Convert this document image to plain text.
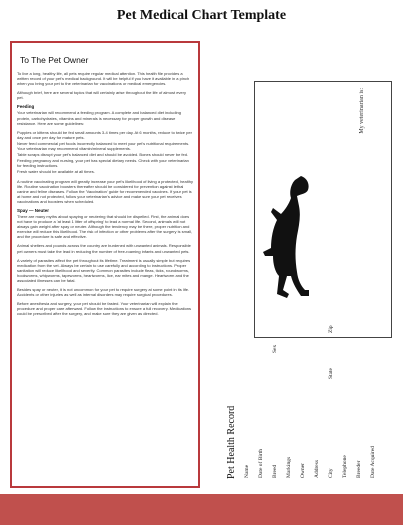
Pet Medical Chart Template
To The Pet Owner

To live a long, healthy life, all pets require regular medical attention. This health file provides a written record of your pet's medical background. It will be helpful if you have it available in a pinch when you bring your pet to the veterinarian for vaccinations or medical emergencies.

Although brief, here are several topics that will certainly arise throughout the life of almost every pet.

Feeding

Your veterinarian will recommend a feeding program. A complete and balanced diet including protein, carbohydrates, vitamins and minerals is necessary for proper growth and disease resistance. Here are some guidelines:

Puppies or kittens should be fed small amounts 3-4 times per day. At 6 months, reduce to twice per day and once per day for mature pets.

Never feed commercial pet foods incorrectly balanced to meet your pet's nutritional requirements. Your veterinarian may recommend vitamin/mineral supplements.

Table scraps disrupt your pet's balanced diet and should be avoided. Bones should never be fed.

Feeding pregnancy and nursing, your pet has special dietary needs. Check with your veterinarian for feeding instructions.

Fresh water should be available at all times.

A routine vaccinating program will greatly increase your pet's likelihood of living a protected, healthy life. Routine vaccination boosters thereafter should be considered for prevention against lethal canine and feline diseases. Follow the 'Vaccination' guide for recommended vaccines. If your pet is at home and not protected, follow your veterinarian's advice and make sure your pet receives vaccinations and boosters when scheduled.

Spay — Neuter

There are many myths about spaying or neutering that should be dispelled. First, the animal does not have to produce a 'at least 1 litter of offspring' to lead a normal life. Second, animals will not always gain weight after spay or neuter. Although the tendency may be there, proper nutrition and exercise will reduce this likelihood. The risk of infection or other problems after the surgery is small, and the procedure is safe and effective.

Animal shelters and pounds across the country are burdened with unwanted animals. Responsible pet owners must take the lead in reducing the number of free-roaming infants and unwanted pets.

A variety of parasites affect the pet throughout its lifetime. Treatment is usually simple but requires medication from the vet. Always be certain to use carefully and according to instructions. Proper sanitation will reduce likelihood and severity. Common parasites include fleas, ticks, roundworms, hookworms, whipworms, tapeworms, heartworms, lice, ear mites and mange. Heartworm and the associated illnesses can be fatal.

Besides spay or neuter, it is not uncommon for your pet to require surgery at some point in its life. Accidents or other injuries as well as internal disorders may require surgical procedures.

Before anesthesia and surgery, your pet should be fasted. Your veterinarian will explain the procedure and proper care afterward. Follow the instructions to ensure a full recovery. Medications could be prescribed after the surgery, and make sure they are given as directed.

My veterinarian is:
Pet Health Record Name Date of Birth Breed Markings Owner Address City Telephone Breeder Date Acquired
Sex
State
Zip
